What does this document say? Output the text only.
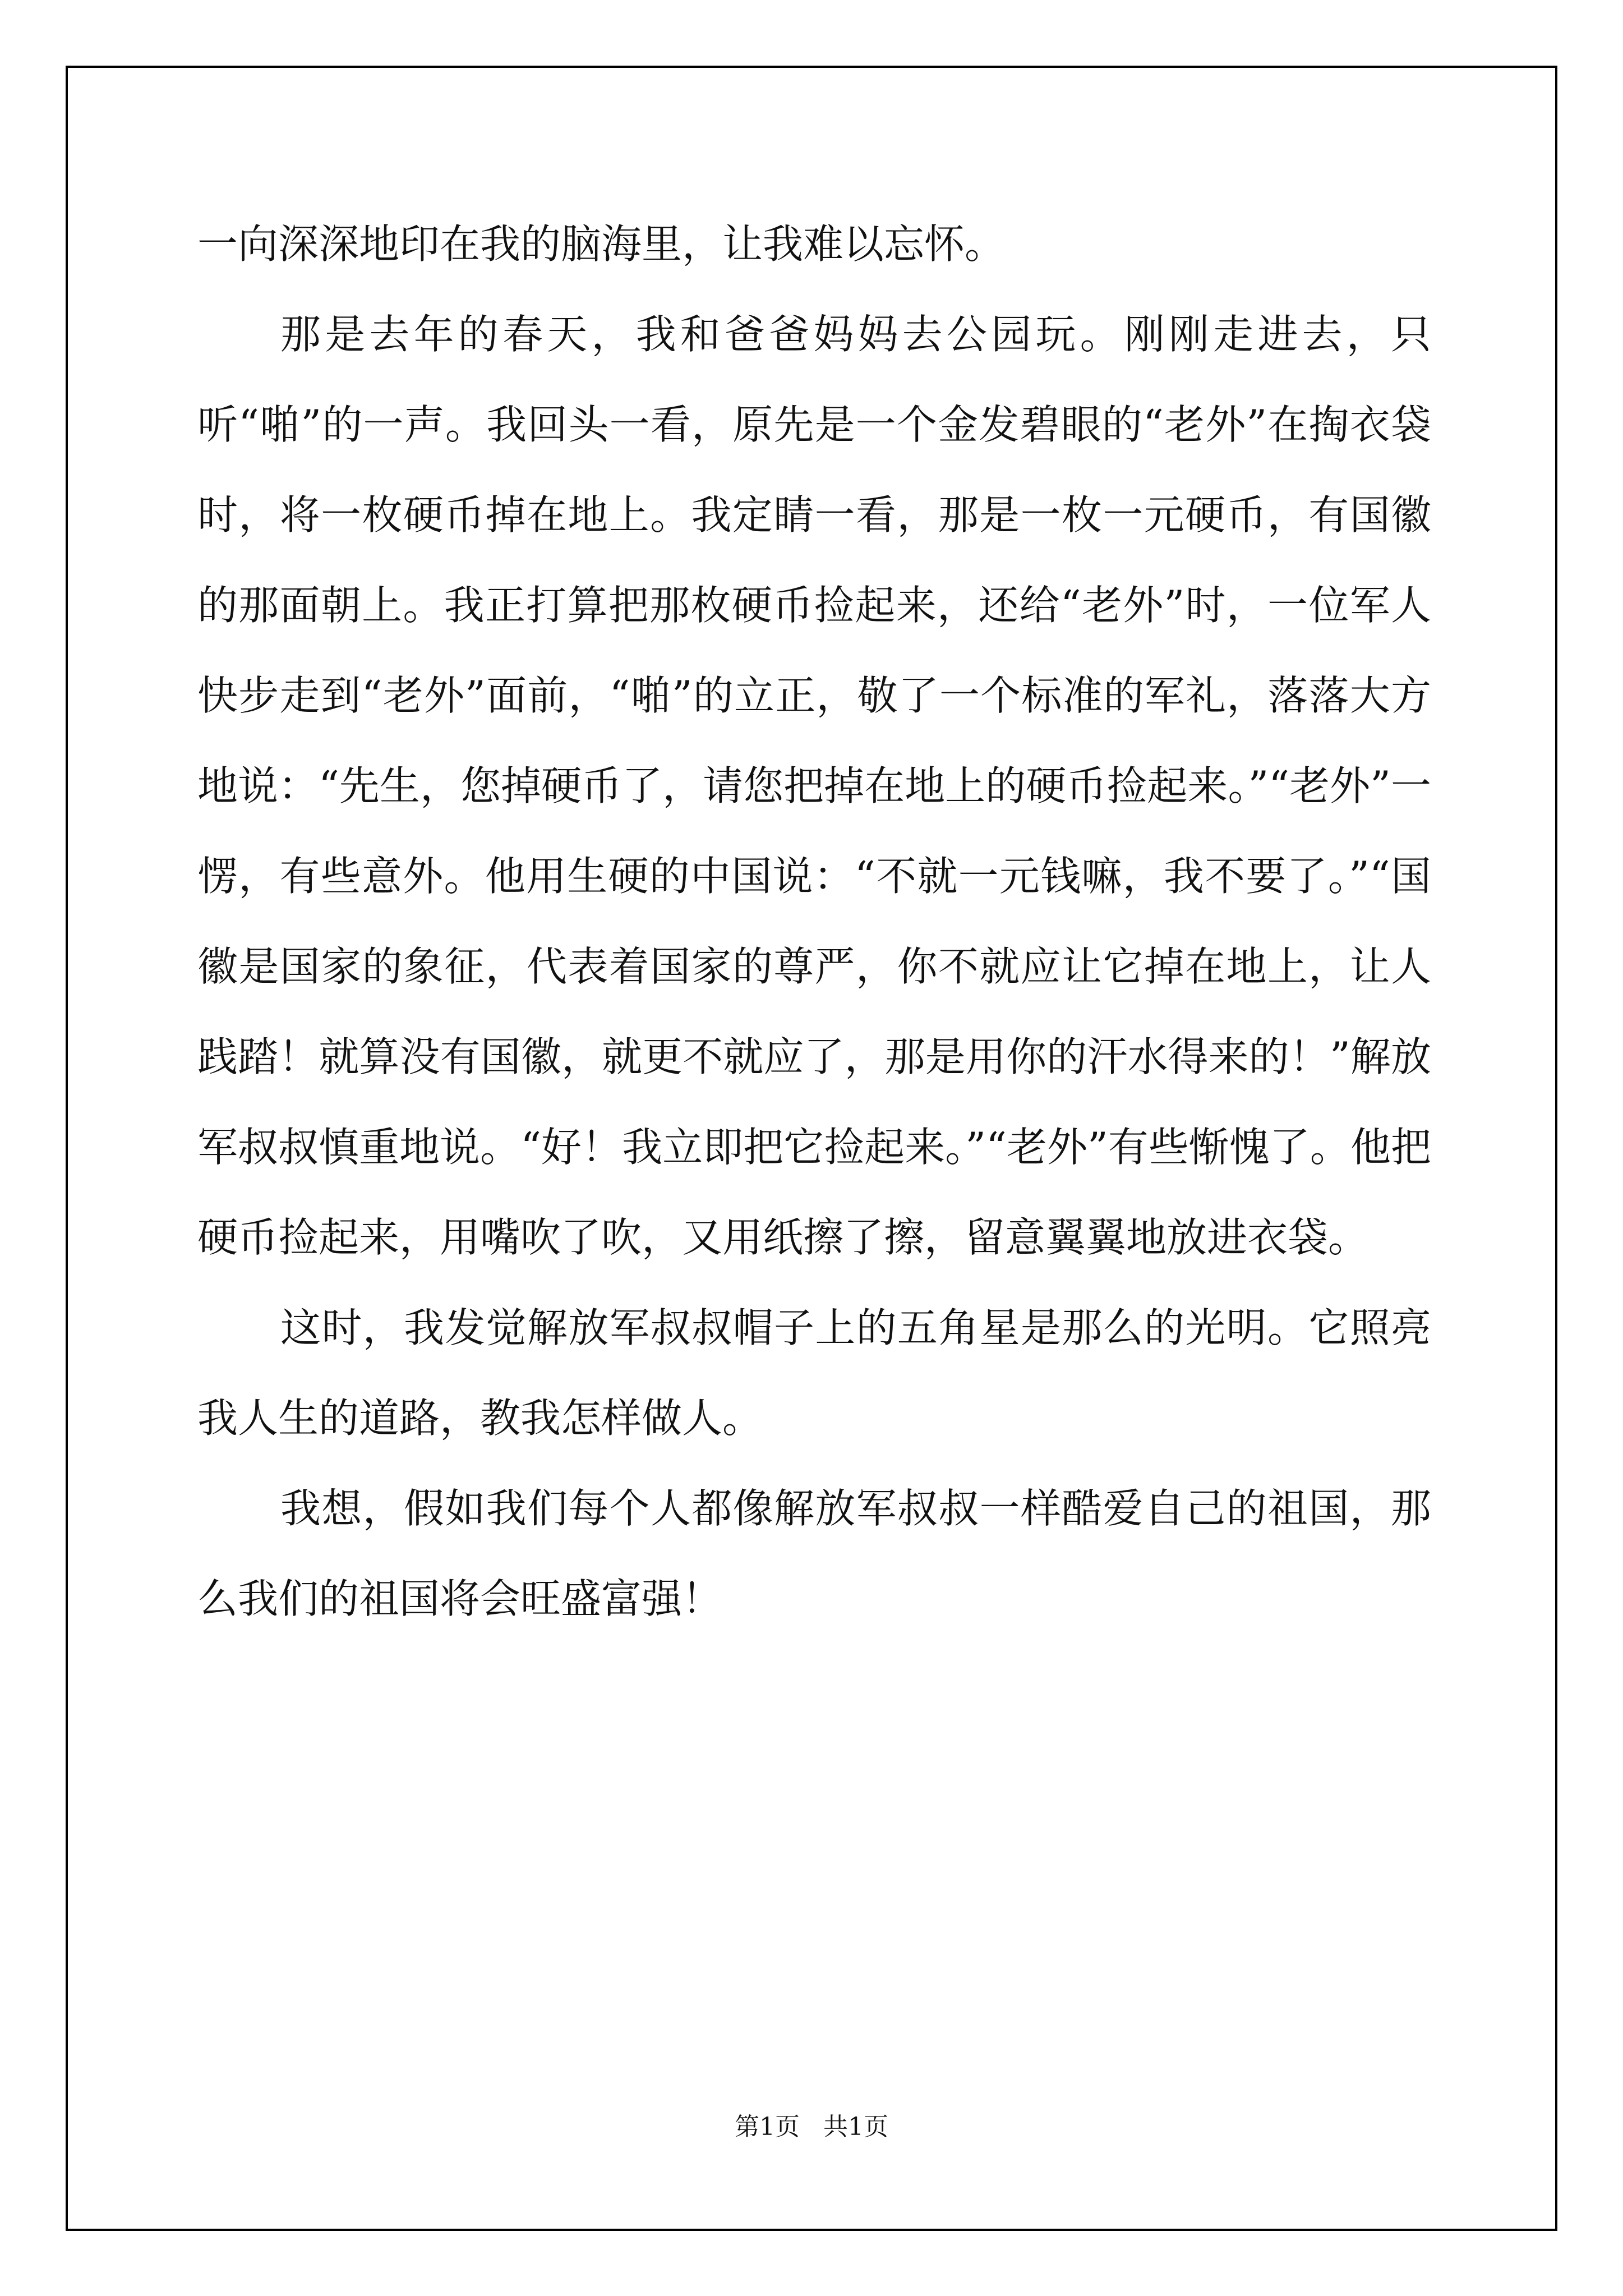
一向深深地印在我的脑海里，让我难以忘怀。

那是去年的春天，我和爸爸妈妈去公园玩。刚刚走进去，只听“啪”的一声。我回头一看，原先是一个金发碧眼的“老外”在掏衣袋时，将一枚硬币掉在地上。我定睛一看，那是一枚一元硬币，有国徽的那面朝上。我正打算把那枚硬币捡起来，还给“老外”时，一位军人快步走到“老外”面前，“啪”的立正，敬了一个标准的军礼，落落大方地说：“先生，您掉硬币了，请您把掉在地上的硬币捡起来。”“老外”一愣，有些意外。他用生硬的中国说：“不就一元钱嘛，我不要了。”“国徽是国家的象征，代表着国家的尊严，你不就应让它掉在地上，让人践踏！就算没有国徽，就更不就应了，那是用你的汗水得来的！”解放军叔叔慎重地说。“好！我立即把它捡起来。”“老外”有些惭愧了。他把硬币捡起来，用嘴吹了吹，又用纸擦了擦，留意翼翼地放进衣袋。

这时，我发觉解放军叔叔帽子上的五角星是那么的光明。它照亮我人生的道路，教我怎样做人。

我想，假如我们每个人都像解放军叔叔一样酷爱自己的祖国，那么我们的祖国将会旺盛富强！

第1页   共1页
